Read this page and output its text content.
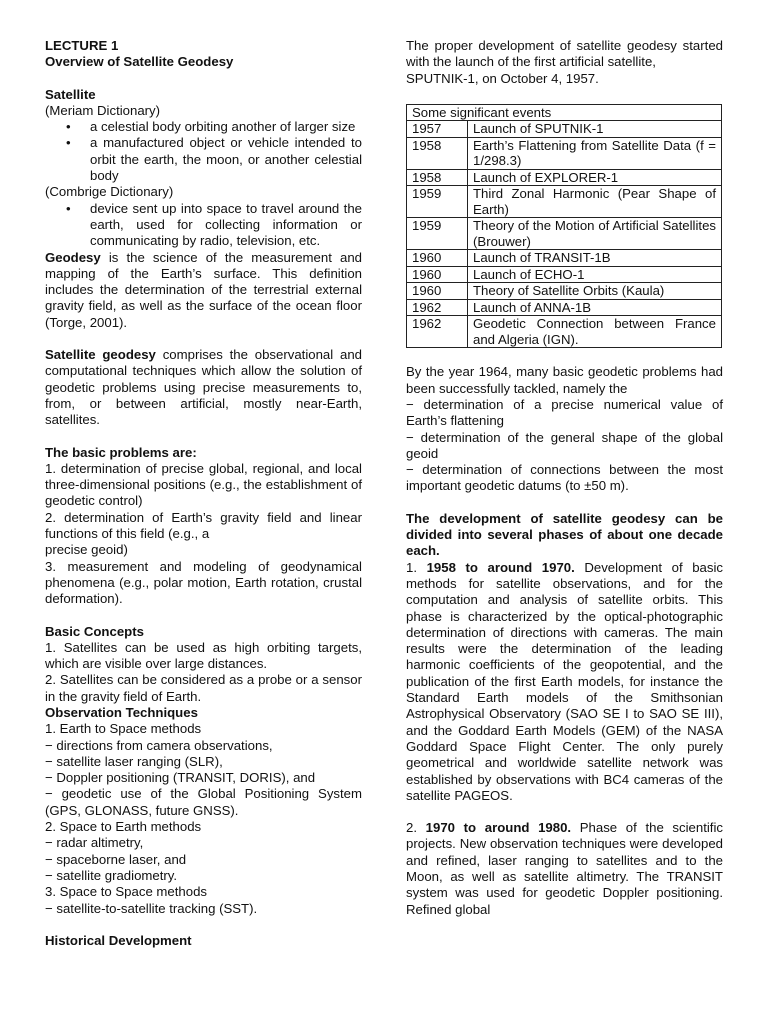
LECTURE 1

Overview of Satellite Geodesy

Satellite

(Meriam Dictionary)

• a celestial body orbiting another of larger size
• a manufactured object or vehicle intended to orbit the earth, the moon, or another celestial body

(Combrige Dictionary)

• device sent up into space to travel around the earth, used for collecting information or communicating by radio, television, etc.

Geodesy is the science of the measurement and mapping of the Earth’s surface. This definition includes the determination of the terrestrial external gravity field, as well as the surface of the ocean floor (Torge, 2001).

Satellite geodesy comprises the observational and computational techniques which allow the solution of geodetic problems using precise measurements to, from, or between artificial, mostly near-Earth, satellites.

The basic problems are:

1. determination of precise global, regional, and local three-dimensional positions (e.g., the establishment of geodetic control)

2. determination of Earth’s gravity field and linear functions of this field (e.g., a

precise geoid)

3. measurement and modeling of geodynamical phenomena (e.g., polar motion, Earth rotation, crustal deformation).

Basic Concepts

1. Satellites can be used as high orbiting targets, which are visible over large distances.

2. Satellites can be considered as a probe or a sensor in the gravity field of Earth.

Observation Techniques

1. Earth to Space methods

− directions from camera observations,

− satellite laser ranging (SLR),

− Doppler positioning (TRANSIT, DORIS), and

− geodetic use of the Global Positioning System (GPS, GLONASS, future GNSS).

2. Space to Earth methods

− radar altimetry,

− spaceborne laser, and

− satellite gradiometry.

3. Space to Space methods

− satellite-to-satellite tracking (SST).

Historical Development

The proper development of satellite geodesy started with the launch of the first artificial satellite,

SPUTNIK-1, on October 4, 1957.

Some significant events	
1957	Launch of SPUTNIK-1
1958	Earth’s Flattening from Satellite Data (f = 1/298.3)
1958	Launch of EXPLORER-1
1959	Third Zonal Harmonic (Pear Shape of Earth)
1959	Theory of the Motion of Artificial Satellites (Brouwer)
1960	Launch of TRANSIT-1B
1960	Launch of ECHO-1
1960	Theory of Satellite Orbits (Kaula)
1962	Launch of ANNA-1B
1962	Geodetic Connection between France and Algeria (IGN).

By the year 1964, many basic geodetic problems had been successfully tackled, namely the

− determination of a precise numerical value of Earth’s flattening

− determination of the general shape of the global geoid

− determination of connections between the most important geodetic datums (to ±50 m).

The development of satellite geodesy can be divided into several phases of about one decade each.

1. 1958 to around 1970. Development of basic methods for satellite observations, and for the computation and analysis of satellite orbits. This phase is characterized by the optical-photographic determination of directions with cameras. The main results were the determination of the leading harmonic coefficients of the geopotential, and the publication of the first Earth models, for instance the Standard Earth models of the Smithsonian Astrophysical Observatory (SAO SE I to SAO SE III), and the Goddard Earth Models (GEM) of the NASA Goddard Space Flight Center. The only purely geometrical and worldwide satellite network was established by observations with BC4 cameras of the satellite PAGEOS.

2. 1970 to around 1980. Phase of the scientific projects. New observation techniques were developed and refined, laser ranging to satellites and to the Moon, as well as satellite altimetry. The TRANSIT system was used for geodetic Doppler positioning. Refined global
